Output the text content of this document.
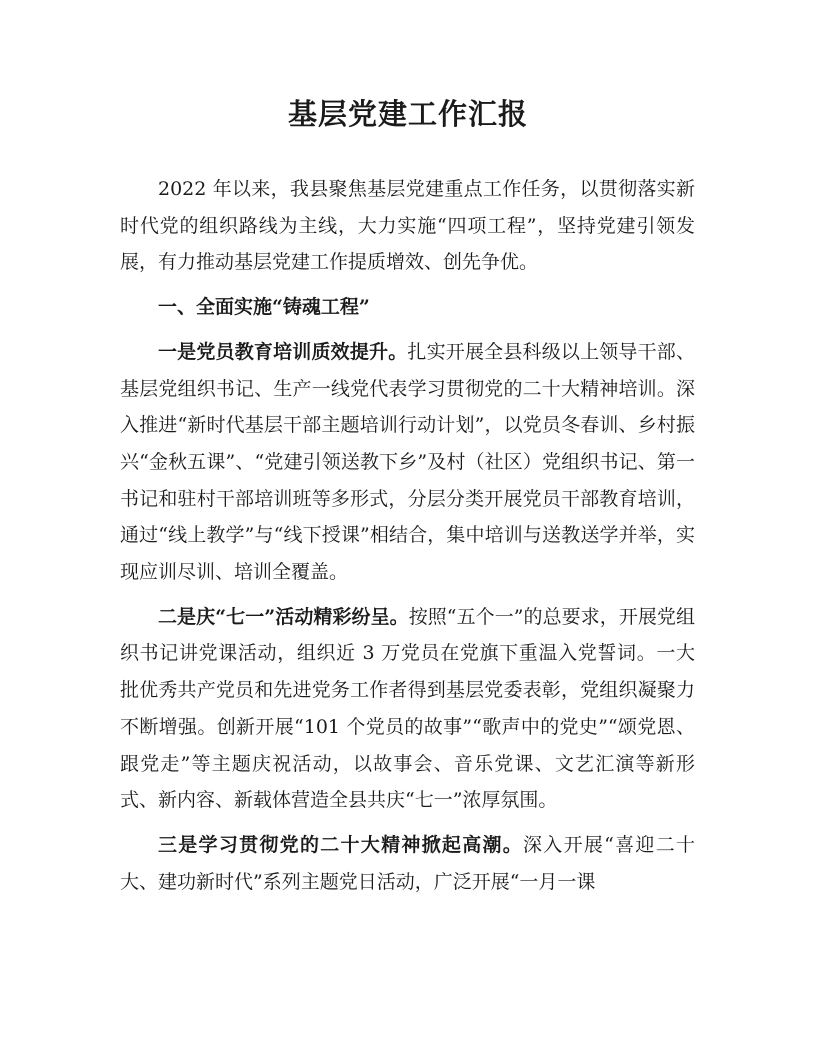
基层党建工作汇报

2022 年以来，我县聚焦基层党建重点工作任务，以贯彻落实新时代党的组织路线为主线，大力实施“四项工程”，坚持党建引领发展，有力推动基层党建工作提质增效、创先争优。

一、全面实施“铸魂工程”

一是党员教育培训质效提升。扎实开展全县科级以上领导干部、基层党组织书记、生产一线党代表学习贯彻党的二十大精神培训。深入推进“新时代基层干部主题培训行动计划”，以党员冬春训、乡村振兴“金秋五课”、“党建引领送教下乡”及村（社区）党组织书记、第一书记和驻村干部培训班等多形式，分层分类开展党员干部教育培训，通过“线上教学”与“线下授课”相结合，集中培训与送教送学并举，实现应训尽训、培训全覆盖。

二是庆“七一”活动精彩纷呈。按照“五个一”的总要求，开展党组织书记讲党课活动，组织近 3 万党员在党旗下重温入党誓词。一大批优秀共产党员和先进党务工作者得到基层党委表彰，党组织凝聚力不断增强。创新开展“101 个党员的故事”“歌声中的党史”“颂党恩、跟党走”等主题庆祝活动，以故事会、音乐党课、文艺汇演等新形式、新内容、新载体营造全县共庆“七一”浓厚氛围。

三是学习贯彻党的二十大精神掀起高潮。深入开展“喜迎二十大、建功新时代”系列主题党日活动，广泛开展“一月一课
